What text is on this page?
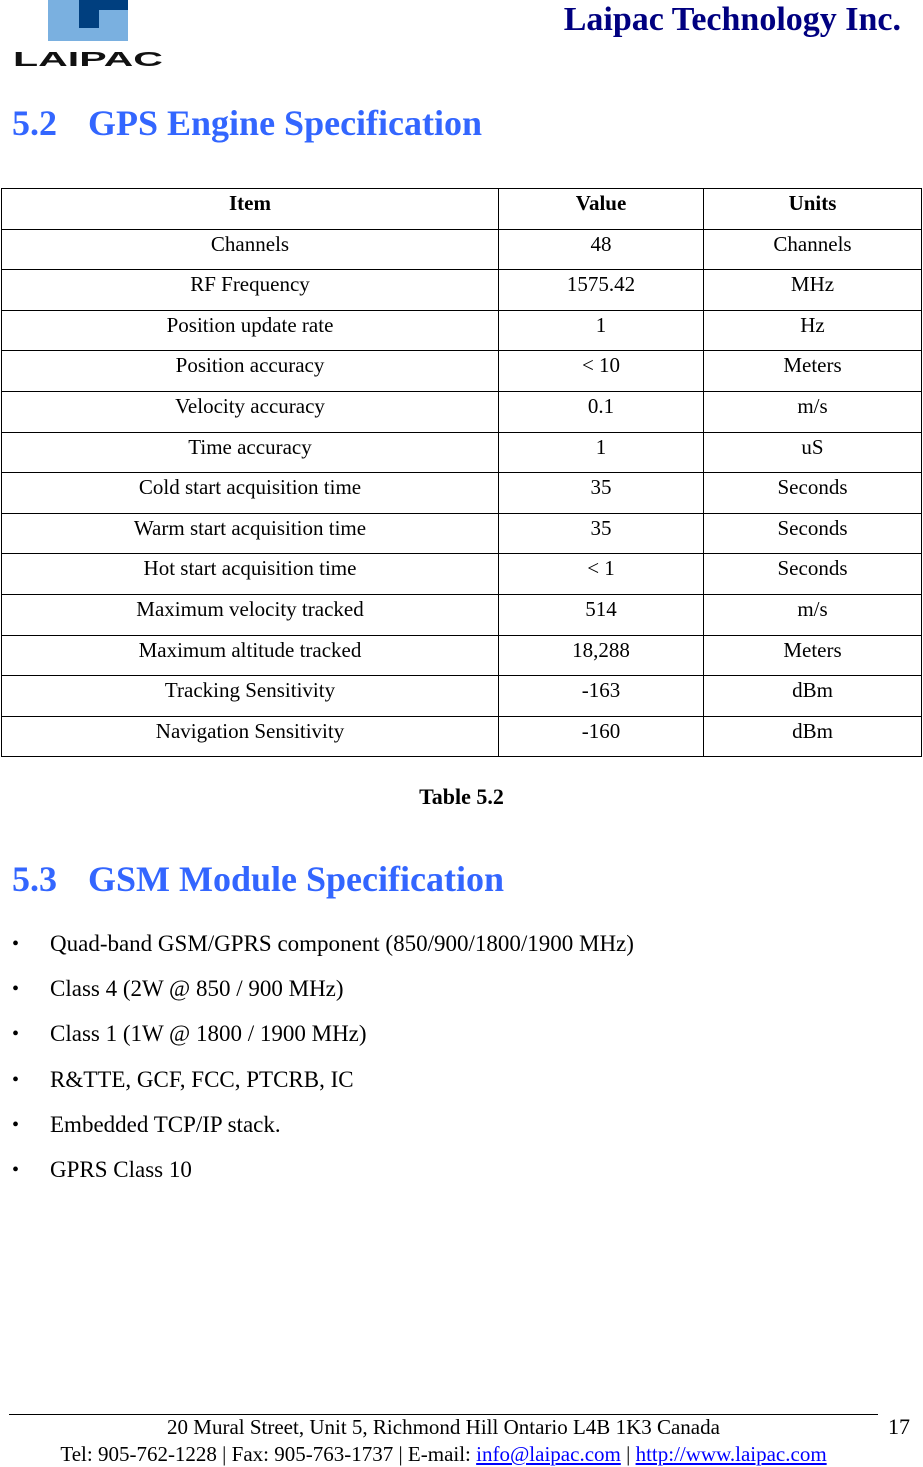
LAIPAC
Laipac Technology Inc.
5.2 GPS Engine Specification
Item	Value	Units
Channels	48	Channels
RF Frequency	1575.42	MHz
Position update rate	1	Hz
Position accuracy	< 10	Meters
Velocity accuracy	0.1	m/s
Time accuracy	1	uS
Cold start acquisition time	35	Seconds
Warm start acquisition time	35	Seconds
Hot start acquisition time	< 1	Seconds
Maximum velocity tracked	514	m/s
Maximum altitude tracked	18,288	Meters
Tracking Sensitivity	-163	dBm
Navigation Sensitivity	-160	dBm
Table 5.2
5.3 GSM Module Specification
• Quad-band GSM/GPRS component (850/900/1800/1900 MHz)
• Class 4 (2W @ 850 / 900 MHz)
• Class 1 (1W @ 1800 / 1900 MHz)
• R&TTE, GCF, FCC, PTCRB, IC
• Embedded TCP/IP stack.
• GPRS Class 10
20 Mural Street, Unit 5, Richmond Hill Ontario L4B 1K3 Canada
Tel: 905-762-1228 | Fax: 905-763-1737 | E-mail: info@laipac.com | http://www.laipac.com
17
